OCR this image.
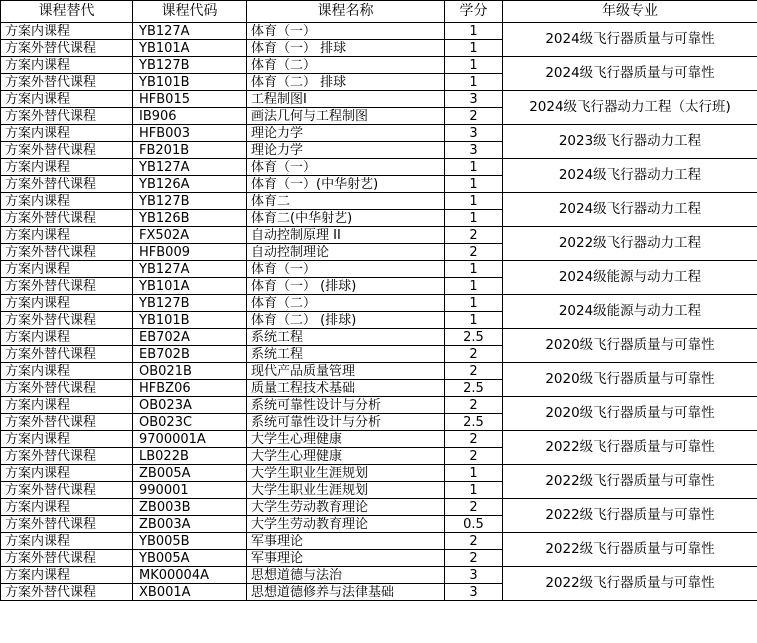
课程替代	课程代码	课程名称	学分	年级专业
方案内课程	YB127A	体育（一）	1	2024级飞行器质量与可靠性
方案外替代课程	YB101A	体育（一） 排球	1	
方案内课程	YB127B	体育（二）	1	2024级飞行器质量与可靠性
方案外替代课程	YB101B	体育（二） 排球	1	
方案内课程	HFB015	工程制图I	3	2024级飞行器动力工程（太行班)
方案外替代课程	IB906	画法几何与工程制图	2	
方案内课程	HFB003	理论力学	3	2023级飞行器动力工程
方案外替代课程	FB201B	理论力学	3	
方案内课程	YB127A	体育（一）	1	2024级飞行器动力工程
方案外替代课程	YB126A	体育（一）(中华射艺)	1	
方案内课程	YB127B	体育二	1	2024级飞行器动力工程
方案外替代课程	YB126B	体育二(中华射艺)	1	
方案内课程	FX502A	自动控制原理 II	2	2022级飞行器动力工程
方案外替代课程	HFB009	自动控制理论	2	
方案内课程	YB127A	体育（一）	1	2024级能源与动力工程
方案外替代课程	YB101A	体育（一） (排球)	1	
方案内课程	YB127B	体育（二）	1	2024级能源与动力工程
方案外替代课程	YB101B	体育（二） (排球)	1	
方案内课程	EB702A	系统工程	2.5	2020级飞行器质量与可靠性
方案外替代课程	EB702B	系统工程	2	
方案内课程	OB021B	现代产品质量管理	2	2020级飞行器质量与可靠性
方案外替代课程	HFBZ06	质量工程技术基础	2.5	
方案内课程	OB023A	系统可靠性设计与分析	2	2020级飞行器质量与可靠性
方案外替代课程	OB023C	系统可靠性设计与分析	2.5	
方案内课程	9700001A	大学生心理健康	2	2022级飞行器质量与可靠性
方案外替代课程	LB022B	大学生心理健康	2	
方案内课程	ZB005A	大学生职业生涯规划	1	2022级飞行器质量与可靠性
方案外替代课程	990001	大学生职业生涯规划	1	
方案内课程	ZB003B	大学生劳动教育理论	2	2022级飞行器质量与可靠性
方案外替代课程	ZB003A	大学生劳动教育理论	0.5	
方案内课程	YB005B	军事理论	2	2022级飞行器质量与可靠性
方案外替代课程	YB005A	军事理论	2	
方案内课程	MK00004A	思想道德与法治	3	2022级飞行器质量与可靠性
方案外替代课程	XB001A	思想道德修养与法律基础	3	
